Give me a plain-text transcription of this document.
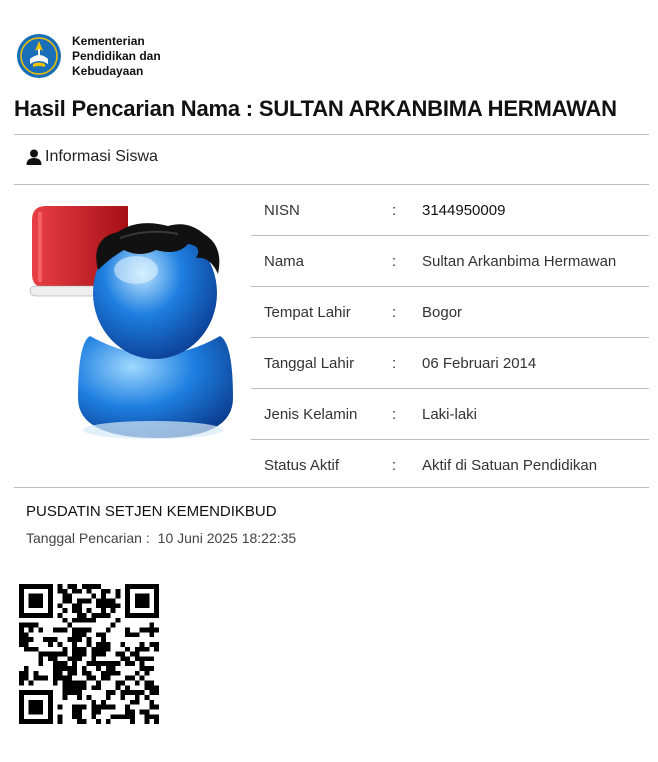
Kementerian
Pendidikan dan
Kebudayaan
Hasil Pencarian Nama : SULTAN ARKANBIMA HERMAWAN
Informasi Siswa
NISN	:	3144950009
Nama	:	Sultan Arkanbima Hermawan
Tempat Lahir	:	Bogor
Tanggal Lahir	:	06 Februari 2014
Jenis Kelamin	:	Laki-laki
Status Aktif	:	Aktif di Satuan Pendidikan
PUSDATIN SETJEN KEMENDIKBUD
Tanggal Pencarian : 10 Juni 2025 18:22:35
